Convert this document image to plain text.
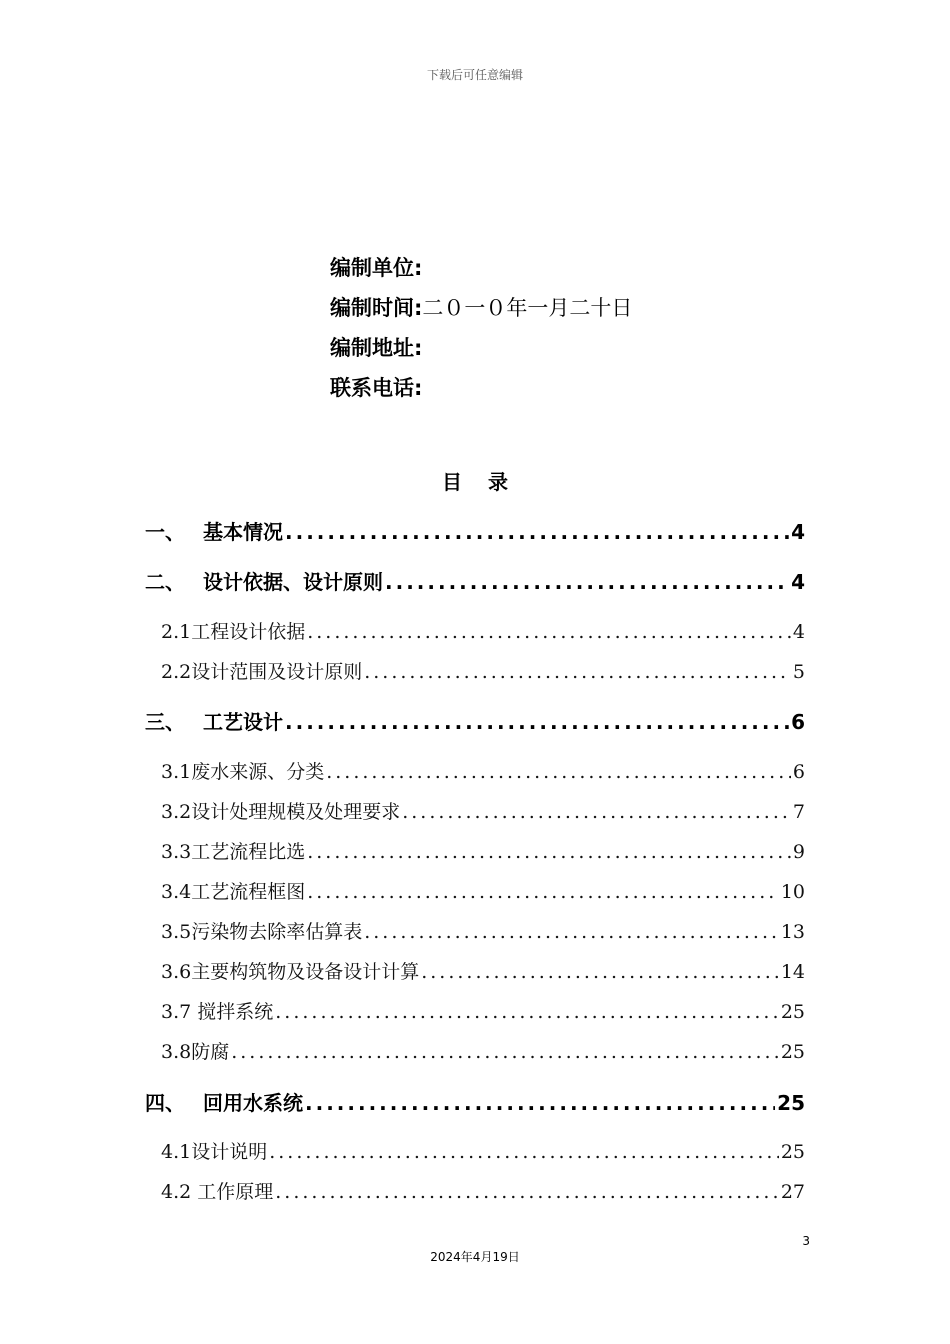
下载后可任意编辑
编制单位:
编制时间:二０一０年一月二十日
编制地址:
联系电话:
目录
一、 基本情况 .....	4
二、 设计依据、设计原则 .....	4
2.1工程设计依据 .....	4
2.2设计范围及设计原则 .....	5
三、 工艺设计 .....	6
3.1废水来源、分类 .....	6
3.2设计处理规模及处理要求 .....	7
3.3工艺流程比选 .....	9
3.4工艺流程框图 .....	10
3.5污染物去除率估算表 .....	13
3.6主要构筑物及设备设计计算 .....	14
3.7 搅拌系统 .....	25
3.8防腐 .....	25
四、 回用水系统 .....	25
4.1设计说明 .....	25
4.2 工作原理 .....	27
3
2024年4月19日
